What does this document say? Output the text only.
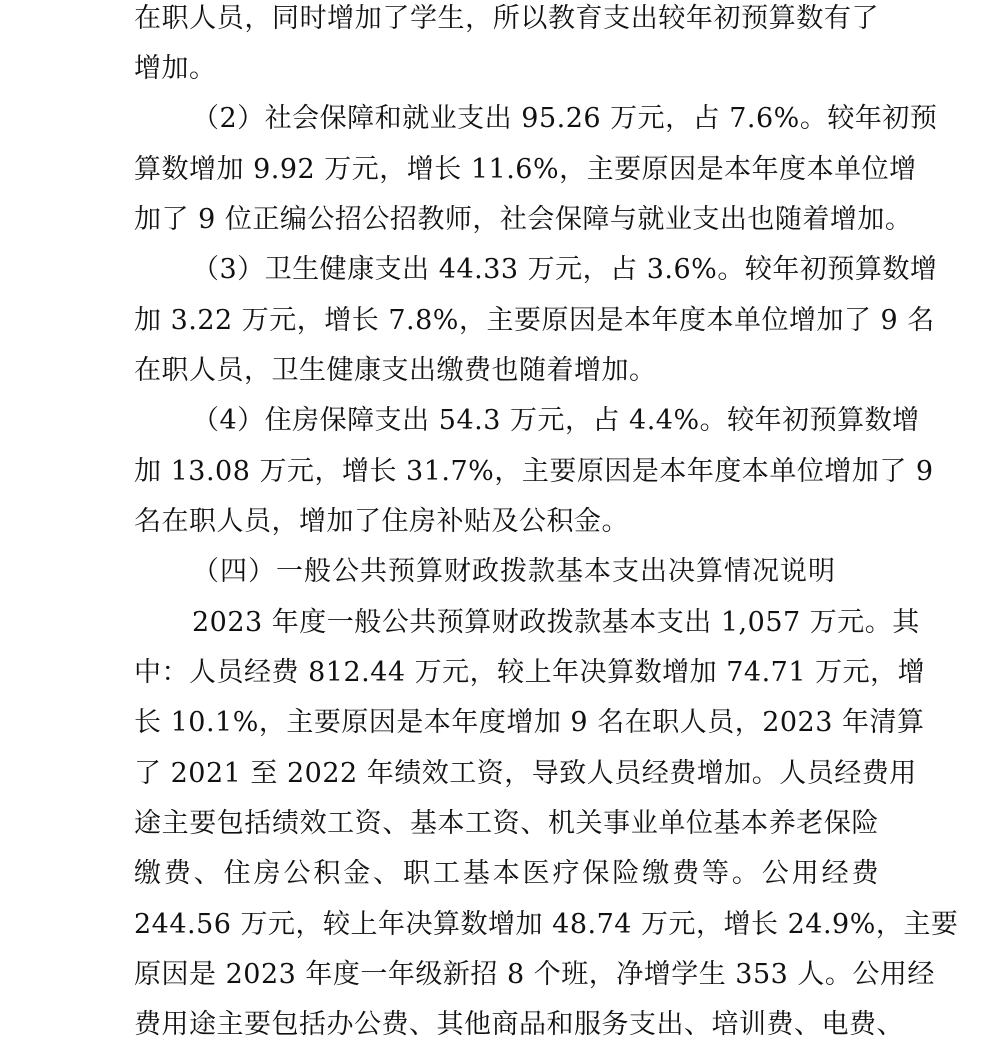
在职人员，同时增加了学生，所以教育支出较年初预算数有了
增加。
（2）社会保障和就业支出 95.26 万元，占 7.6%。较年初预
算数增加 9.92 万元，增长 11.6%，主要原因是本年度本单位增
加了 9 位正编公招公招教师，社会保障与就业支出也随着增加。
（3）卫生健康支出 44.33 万元，占 3.6%。较年初预算数增
加 3.22 万元，增长 7.8%，主要原因是本年度本单位增加了 9 名
在职人员，卫生健康支出缴费也随着增加。
（4）住房保障支出 54.3 万元，占 4.4%。较年初预算数增
加 13.08 万元，增长 31.7%，主要原因是本年度本单位增加了 9
名在职人员，增加了住房补贴及公积金。
（四）一般公共预算财政拨款基本支出决算情况说明
2023 年度一般公共预算财政拨款基本支出 1,057 万元。其
中：人员经费 812.44 万元，较上年决算数增加 74.71 万元，增
长 10.1%，主要原因是本年度增加 9 名在职人员，2023 年清算
了 2021 至 2022 年绩效工资，导致人员经费增加。人员经费用
途主要包括绩效工资、基本工资、机关事业单位基本养老保险
缴费、住房公积金、职工基本医疗保险缴费等。公用经费
244.56 万元，较上年决算数增加 48.74 万元，增长 24.9%，主要
原因是 2023 年度一年级新招 8 个班，净增学生 353 人。公用经
费用途主要包括办公费、其他商品和服务支出、培训费、电费、
